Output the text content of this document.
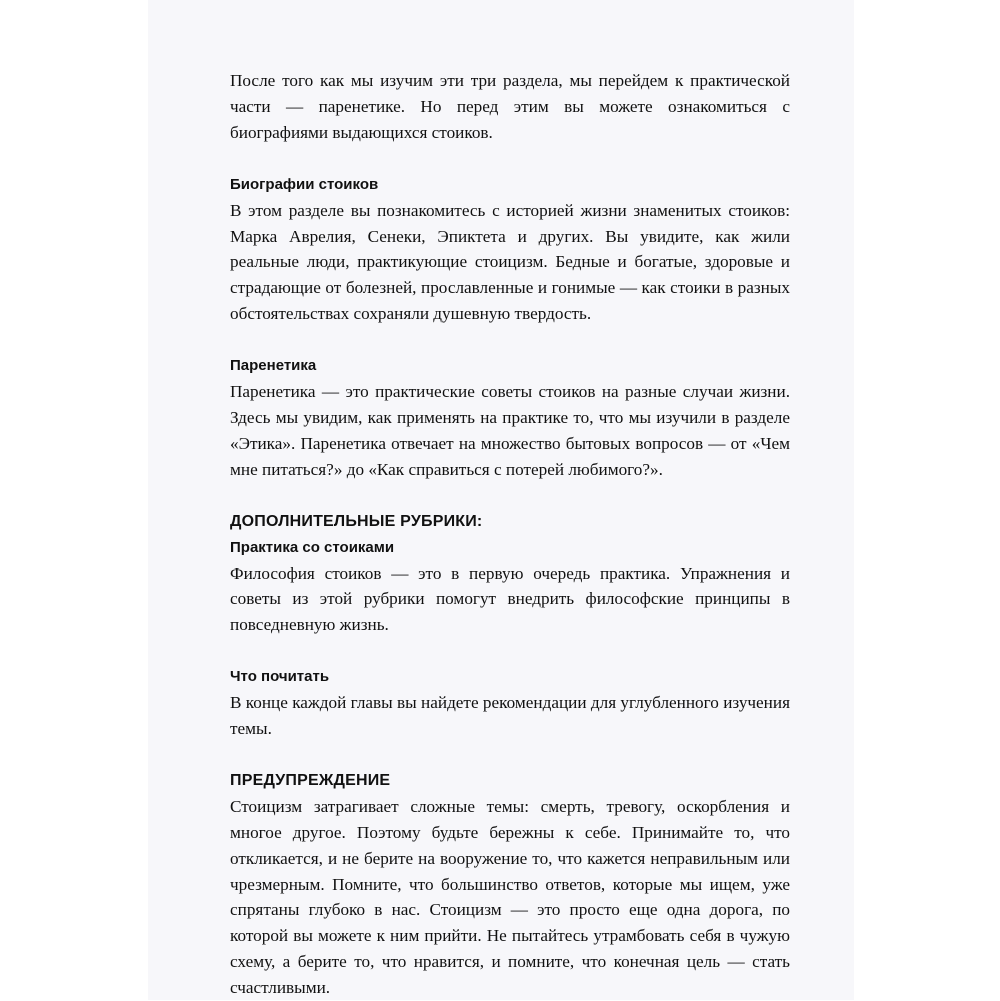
После того как мы изучим эти три раздела, мы перейдем к практической части — паренетике. Но перед этим вы можете ознакомиться с биографиями выдающихся стоиков.

Биографии стоиков

В этом разделе вы познакомитесь с историей жизни знаменитых стоиков: Марка Аврелия, Сенеки, Эпиктета и других. Вы увидите, как жили реальные люди, практикующие стоицизм. Бедные и богатые, здоровые и страдающие от болезней, прославленные и гонимые — как стоики в разных обстоятельствах сохраняли душевную твердость.

Паренетика

Паренетика — это практические советы стоиков на разные случаи жизни. Здесь мы увидим, как применять на практике то, что мы изучили в разделе «Этика». Паренетика отвечает на множество бытовых вопросов — от «Чем мне питаться?» до «Как справиться с потерей любимого?».

ДОПОЛНИТЕЛЬНЫЕ РУБРИКИ:

Практика со стоиками

Философия стоиков — это в первую очередь практика. Упражнения и советы из этой рубрики помогут внедрить философские принципы в повседневную жизнь.

Что почитать

В конце каждой главы вы найдете рекомендации для углубленного изучения темы.

ПРЕДУПРЕЖДЕНИЕ

Стоицизм затрагивает сложные темы: смерть, тревогу, оскорбления и многое другое. Поэтому будьте бережны к себе. Принимайте то, что откликается, и не берите на вооружение то, что кажется неправильным или чрезмерным. Помните, что большинство ответов, которые мы ищем, уже спрятаны глубоко в нас. Стоицизм — это просто еще одна дорога, по которой вы можете к ним прийти. Не пытайтесь утрамбовать себя в чужую схему, а берите то, что нравится, и помните, что конечная цель — стать счастливыми.
